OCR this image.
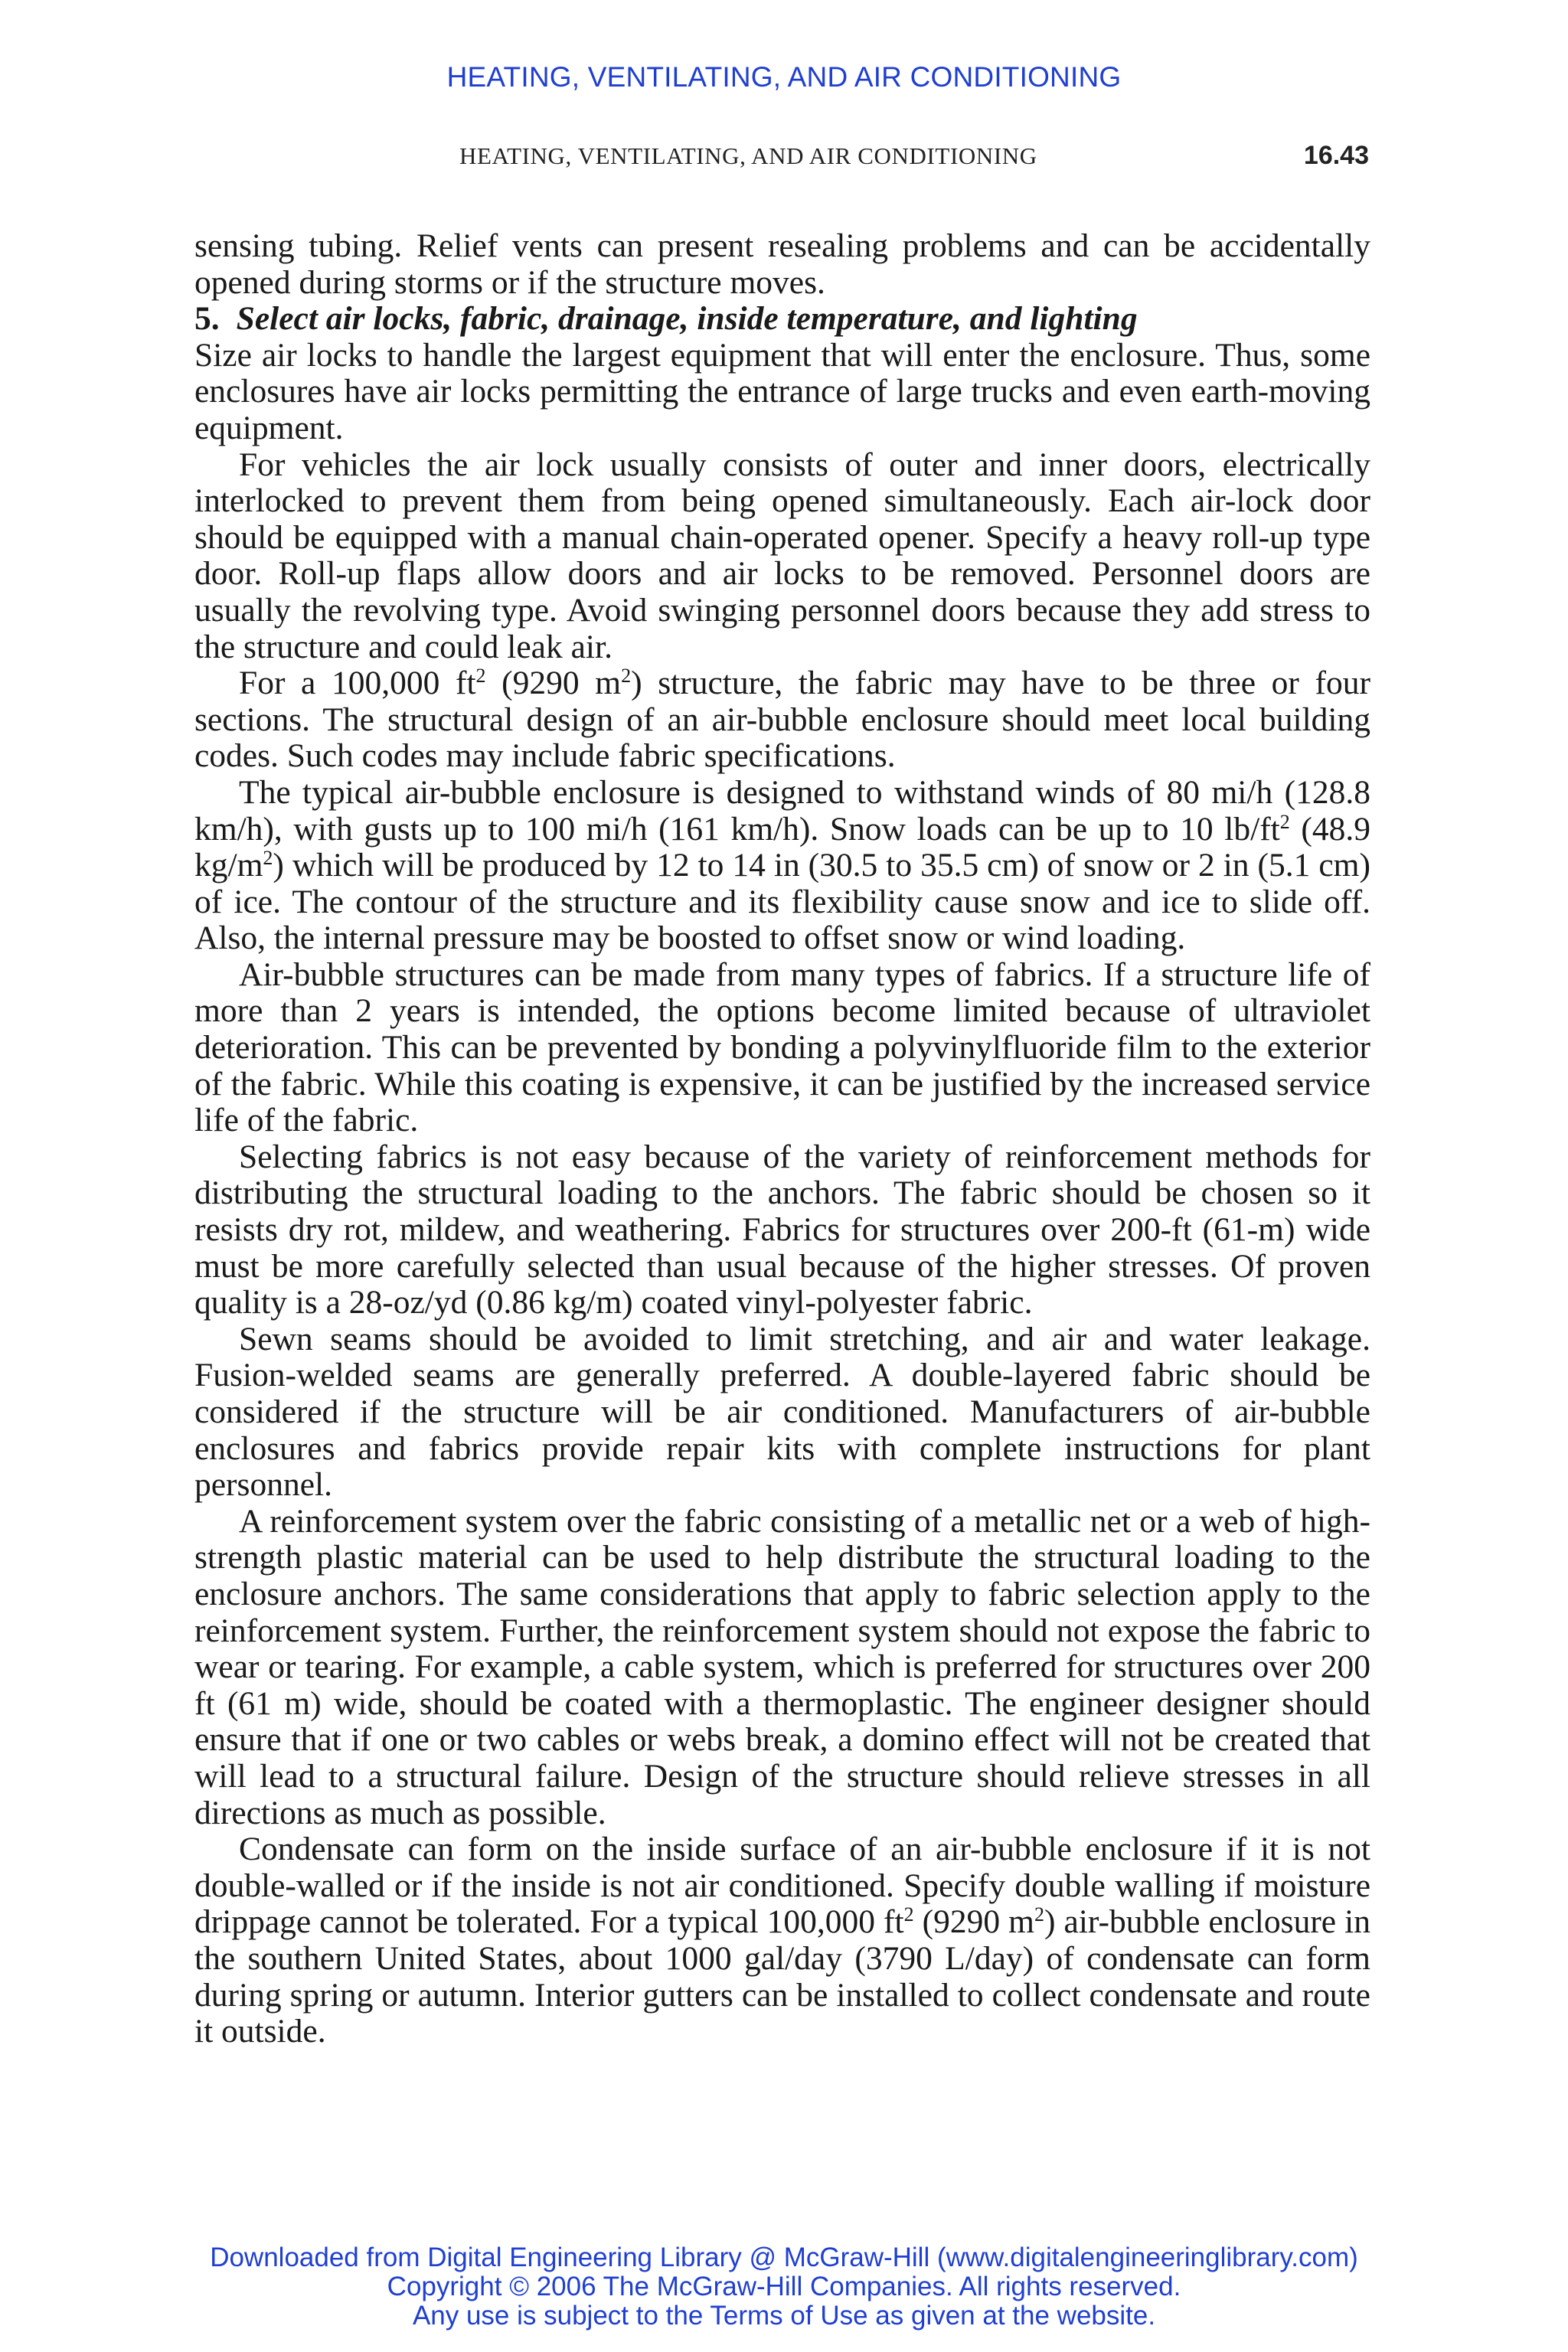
HEATING, VENTILATING, AND AIR CONDITIONING
HEATING, VENTILATING, AND AIR CONDITIONING	16.43

sensing tubing. Relief vents can present resealing problems and can be accidentally opened during storms or if the structure moves.

5. Select air locks, fabric, drainage, inside temperature, and lighting

Size air locks to handle the largest equipment that will enter the enclosure. Thus, some enclosures have air locks permitting the entrance of large trucks and even earth-moving equipment.

For vehicles the air lock usually consists of outer and inner doors, electrically interlocked to prevent them from being opened simultaneously. Each air-lock door should be equipped with a manual chain-operated opener. Specify a heavy roll-up type door. Roll-up flaps allow doors and air locks to be removed. Personnel doors are usually the revolving type. Avoid swinging personnel doors because they add stress to the structure and could leak air.

For a 100,000 $ft^2$ (9290 $m^2$) structure, the fabric may have to be three or four sections. The structural design of an air-bubble enclosure should meet local building codes. Such codes may include fabric specifications.

The typical air-bubble enclosure is designed to withstand winds of 80 mi/h (128.8 km/h), with gusts up to 100 mi/h (161 km/h). Snow loads can be up to 10 $lb/ft^2$ (48.9 $kg/m^2$) which will be produced by 12 to 14 in (30.5 to 35.5 cm) of snow or 2 in (5.1 cm) of ice. The contour of the structure and its flexibility cause snow and ice to slide off. Also, the internal pressure may be boosted to offset snow or wind loading.

Air-bubble structures can be made from many types of fabrics. If a structure life of more than 2 years is intended, the options become limited because of ultraviolet deterioration. This can be prevented by bonding a polyvinylfluoride film to the exterior of the fabric. While this coating is expensive, it can be justified by the increased service life of the fabric.

Selecting fabrics is not easy because of the variety of reinforcement methods for distributing the structural loading to the anchors. The fabric should be chosen so it resists dry rot, mildew, and weathering. Fabrics for structures over 200-ft (61-m) wide must be more carefully selected than usual because of the higher stresses. Of proven quality is a 28-oz/yd (0.86 kg/m) coated vinyl-polyester fabric.

Sewn seams should be avoided to limit stretching, and air and water leakage. Fusion-welded seams are generally preferred. A double-layered fabric should be considered if the structure will be air conditioned. Manufacturers of air-bubble enclosures and fabrics provide repair kits with complete instructions for plant personnel.

A reinforcement system over the fabric consisting of a metallic net or a web of high-strength plastic material can be used to help distribute the structural loading to the enclosure anchors. The same considerations that apply to fabric selection apply to the reinforcement system. Further, the reinforcement system should not expose the fabric to wear or tearing. For example, a cable system, which is preferred for structures over 200 ft (61 m) wide, should be coated with a thermoplastic. The engineer designer should ensure that if one or two cables or webs break, a domino effect will not be created that will lead to a structural failure. Design of the structure should relieve stresses in all directions as much as possible.

Condensate can form on the inside surface of an air-bubble enclosure if it is not double-walled or if the inside is not air conditioned. Specify double walling if moisture drippage cannot be tolerated. For a typical 100,000 $ft^2$ (9290 $m^2$) air-bubble enclosure in the southern United States, about 1000 gal/day (3790 L/day) of condensate can form during spring or autumn. Interior gutters can be installed to collect condensate and route it outside.

Downloaded from Digital Engineering Library @ McGraw-Hill (www.digitalengineeringlibrary.com)
Copyright © 2006 The McGraw-Hill Companies. All rights reserved.
Any use is subject to the Terms of Use as given at the website.
